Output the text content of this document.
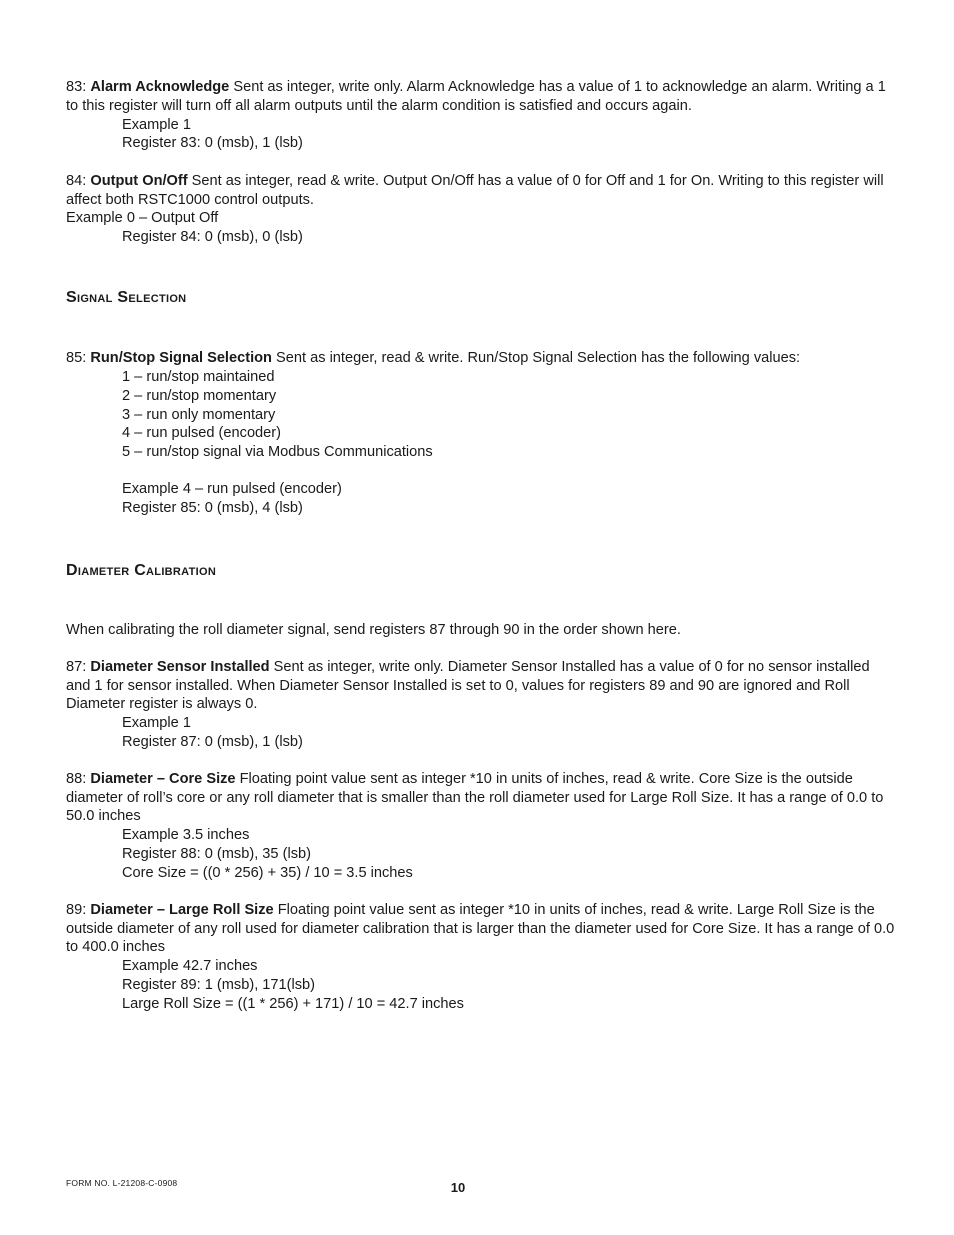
83: Alarm Acknowledge Sent as integer, write only. Alarm Acknowledge has a value of 1 to acknowledge an alarm. Writing a 1 to this register will turn off all alarm outputs until the alarm condition is satisfied and occurs again.

Example 1

Register 83: 0 (msb), 1 (lsb)

84: Output On/Off Sent as integer, read & write. Output On/Off has a value of 0 for Off and 1 for On. Writing to this register will affect both RSTC1000 control outputs.

Example 0 – Output Off

Register 84: 0 (msb), 0 (lsb)

Signal Selection

85: Run/Stop Signal Selection Sent as integer, read & write. Run/Stop Signal Selection has the following values:

1 – run/stop maintained

2 – run/stop momentary

3 – run only momentary

4 – run pulsed (encoder)

5 – run/stop signal via Modbus Communications

Example 4 – run pulsed (encoder)

Register 85: 0 (msb), 4 (lsb)

Diameter Calibration

When calibrating the roll diameter signal, send registers 87 through 90 in the order shown here.

87: Diameter Sensor Installed Sent as integer, write only. Diameter Sensor Installed has a value of 0 for no sensor installed and 1 for sensor installed. When Diameter Sensor Installed is set to 0, values for registers 89 and 90 are ignored and Roll Diameter register is always 0.

Example 1

Register 87: 0 (msb), 1 (lsb)

88: Diameter – Core Size Floating point value sent as integer *10 in units of inches, read & write. Core Size is the outside diameter of roll’s core or any roll diameter that is smaller than the roll diameter used for Large Roll Size. It has a range of 0.0 to 50.0 inches

Example 3.5 inches

Register 88: 0 (msb), 35 (lsb)

Core Size = ((0 * 256) + 35) / 10 = 3.5 inches

89: Diameter – Large Roll Size Floating point value sent as integer *10 in units of inches, read & write. Large Roll Size is the outside diameter of any roll used for diameter calibration that is larger than the diameter used for Core Size. It has a range of 0.0 to 400.0 inches

Example 42.7 inches

Register 89: 1 (msb), 171(lsb)

Large Roll Size = ((1 * 256) + 171) / 10 = 42.7 inches

FORM NO. L-21208-C-0908	10
